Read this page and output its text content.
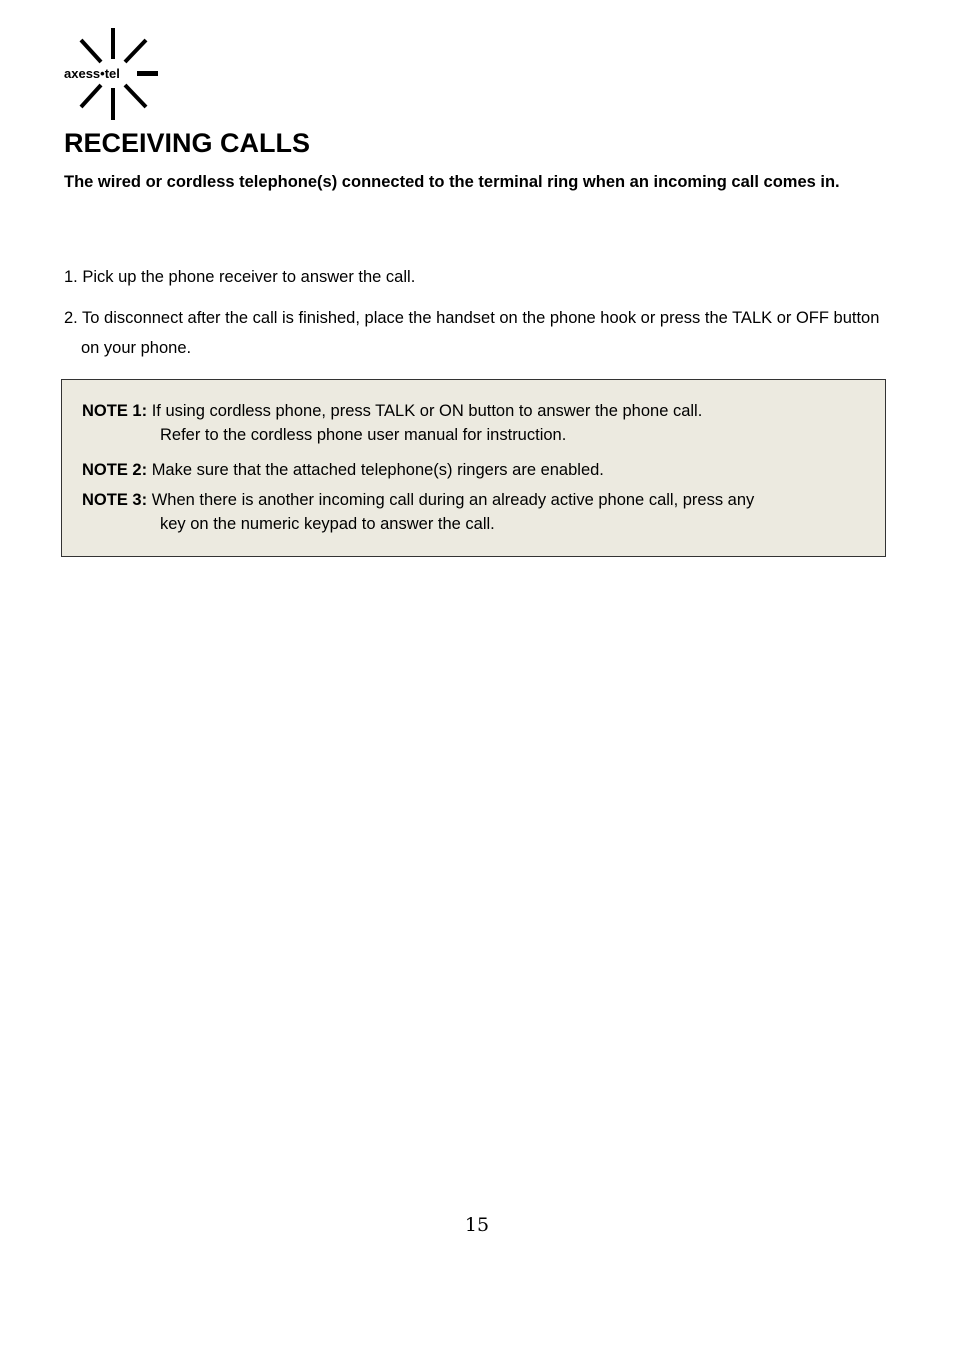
axess•tel
RECEIVING CALLS

The wired or cordless telephone(s) connected to the terminal ring when an incoming call comes in.

1. Pick up the phone receiver to answer the call.

2. To disconnect after the call is finished, place the handset on the phone hook or press the TALK or OFF button on your phone.

NOTE 1: If using cordless phone, press TALK or ON button to answer the phone call.
Refer to the cordless phone user manual for instruction.
NOTE 2: Make sure that the attached telephone(s) ringers are enabled.
NOTE 3: When there is another incoming call during an already active phone call, press any
key on the numeric keypad to answer the call.
15
